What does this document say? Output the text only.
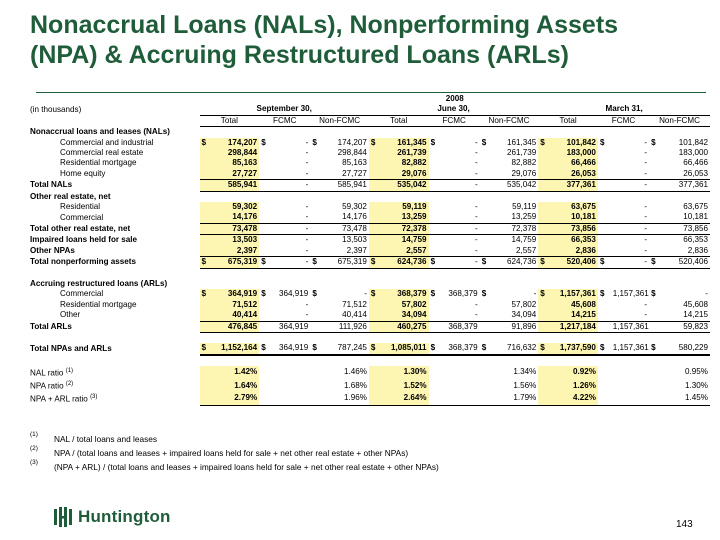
Nonaccrual Loans (NALs), Nonperforming Assets
(NPA) & Accruing Restructured Loans (ARLs)
	2008																	
(in thousands)	September 30,						June 30,						March 31,					
	Total		FCMC		Non-FCMC		Total		FCMC		Non-FCMC		Total		FCMC		Non-FCMC	
Nonaccrual loans and leases (NALs)																		
Commercial and industrial	$	174,207	$	-	$	174,207	$	161,345	$	-	$	161,345	$	101,842	$	-	$	101,842
Commercial real estate		298,844		-		298,844		261,739		-		261,739		183,000		-		183,000
Residential mortgage		85,163		-		85,163		82,882		-		82,882		66,466		-		66,466
Home equity		27,727		-		27,727		29,076		-		29,076		26,053		-		26,053
Total NALs		585,941		-		585,941		535,042		-		535,042		377,361		-		377,361
Other real estate, net																		
Residential		59,302		-		59,302		59,119		-		59,119		63,675		-		63,675
Commercial		14,176		-		14,176		13,259		-		13,259		10,181		-		10,181
Total other real estate, net		73,478		-		73,478		72,378		-		72,378		73,856		-		73,856
Impaired loans held for sale		13,503		-		13,503		14,759		-		14,759		66,353		-		66,353
Other NPAs		2,397		-		2,397		2,557		-		2,557		2,836		-		2,836
Total nonperforming assets	$	675,319	$	-	$	675,319	$	624,736	$	-	$	624,736	$	520,406	$	-	$	520,406

Accruing restructured loans (ARLs)																		
Commercial	$	364,919	$	364,919	$	-	$	368,379	$	368,379	$	-	$	1,157,361	$	1,157,361	$	-
Residential mortgage		71,512		-		71,512		57,802		-		57,802		45,608		-		45,608
Other		40,414		-		40,414		34,094		-		34,094		14,215		-		14,215
Total ARLs		476,845		364,919		111,926		460,275		368,379		91,896		1,217,184		1,157,361		59,823

Total NPAs and ARLs	$	1,152,164	$	364,919	$	787,245	$	1,085,011	$	368,379	$	716,632	$	1,737,590	$	1,157,361	$	580,229

NAL ratio $^{(1)}$		1.42%				1.46%		1.30%				1.34%		0.92%				0.95%
NPA ratio $^{(2)}$		1.64%				1.68%		1.52%				1.56%		1.26%				1.30%
NPA + ARL ratio $^{(3)}$		2.79%				1.96%		2.64%				1.79%		4.22%				1.45%

(1) NAL / total loans and leases
(2) NPA / (total loans and leases + impaired loans held for sale + net other real estate + other NPAs)
(3) (NPA + ARL) / (total loans and leases + impaired loans held for sale + net other real estate + other NPAs)
Huntington	143
